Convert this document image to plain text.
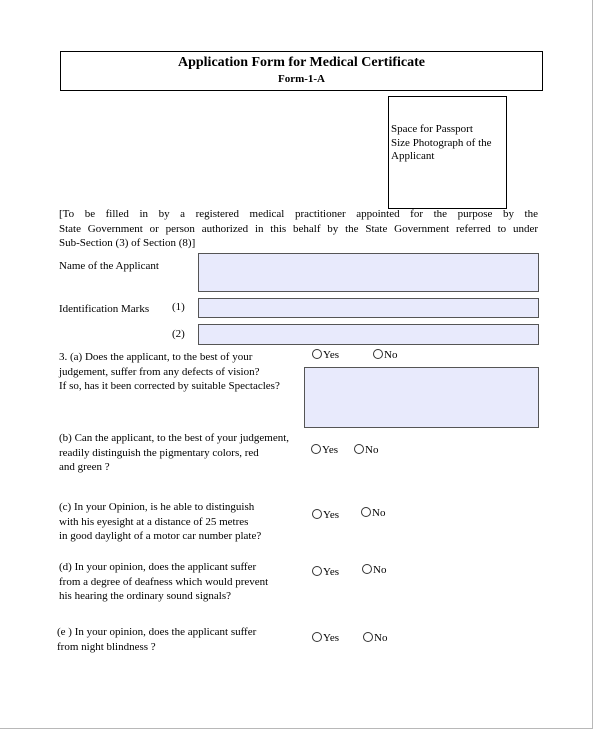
Application Form for Medical Certificate
Form-1-A
Space for Passport
Size Photograph of the
Applicant
[To be filled in by a registered medical practitioner appointed for the purpose by the
State Government or person authorized in this behalf by the State Government referred to under
Sub-Section (3) of Section (8)]
Name of the Applicant
Identification Marks (1)
(2)
3. (a) Does the applicant, to the best of your
judgement, suffer from any defects of vision?
If so, has it been corrected by suitable Spectacles?
Yes	No
(b) Can the applicant, to the best of your judgement,
readily distinguish the pigmentary colors, red
and green ?
Yes	No
(c) In your Opinion, is he able to distinguish
with his eyesight at a distance of 25 metres
in good daylight of a motor car number plate?
Yes	No
(d) In your opinion, does the applicant suffer
from a degree of deafness which would prevent
his hearing the ordinary sound signals?
Yes	No
(e ) In your opinion, does the applicant suffer
from night blindness ?
Yes	No
